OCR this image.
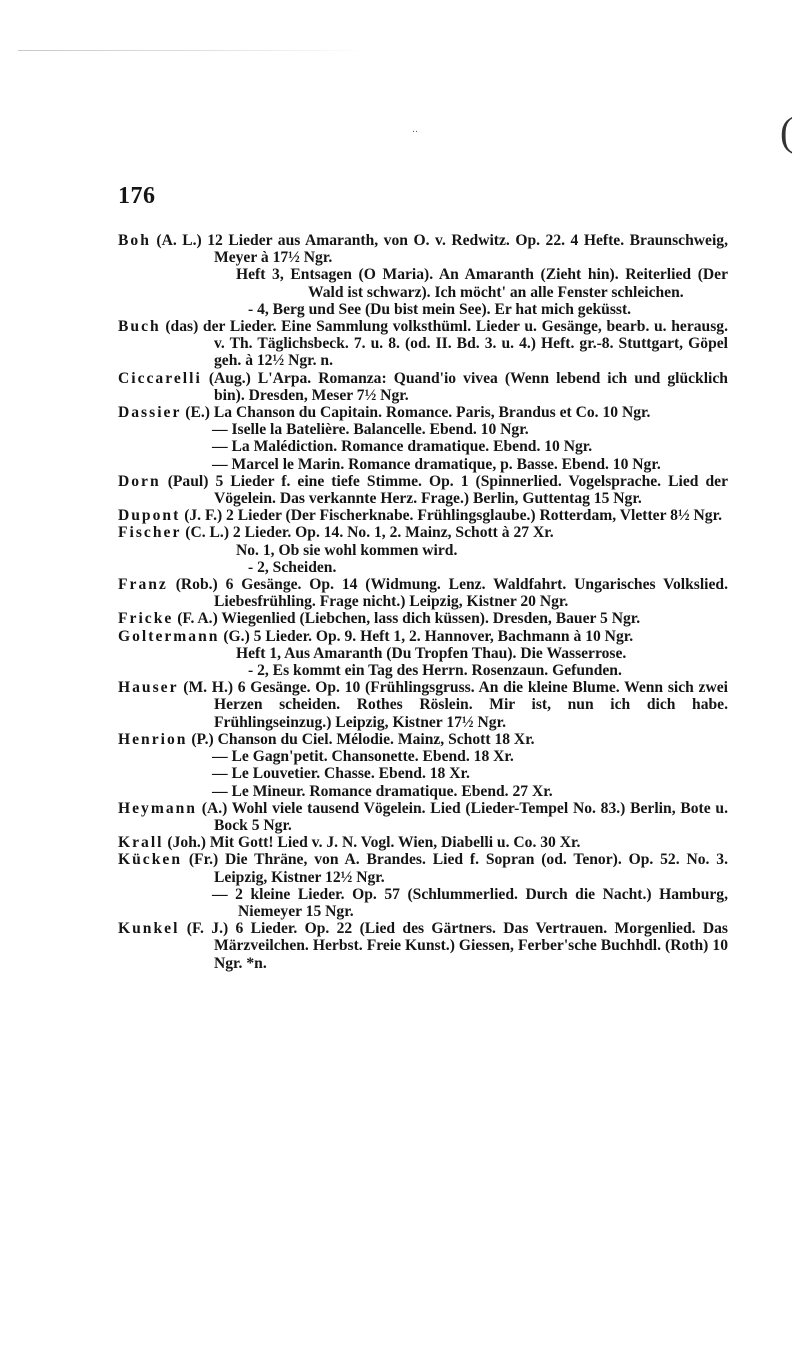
‥	(
176
Boh (A. L.) 12 Lieder aus Amaranth, von O. v. Redwitz. Op. 22. 4 Hefte. Braunschweig, Meyer à 17½ Ngr.
Heft 3, Entsagen (O Maria). An Amaranth (Zieht hin). Reiterlied (Der Wald ist schwarz). Ich möcht' an alle Fenster schleichen.
- 4, Berg und See (Du bist mein See). Er hat mich geküsst.
Buch (das) der Lieder. Eine Sammlung volksthüml. Lieder u. Gesänge, bearb. u. herausg. v. Th. Täglichsbeck. 7. u. 8. (od. II. Bd. 3. u. 4.) Heft. gr.-8. Stuttgart, Göpel geh. à 12½ Ngr. n.
Ciccarelli (Aug.) L'Arpa. Romanza: Quand'io vivea (Wenn lebend ich und glücklich bin). Dresden, Meser 7½ Ngr.
Dassier (E.) La Chanson du Capitain. Romance. Paris, Brandus et Co. 10 Ngr.
— Iselle la Batelière. Balancelle. Ebend. 10 Ngr.
— La Malédiction. Romance dramatique. Ebend. 10 Ngr.
— Marcel le Marin. Romance dramatique, p. Basse. Ebend. 10 Ngr.
Dorn (Paul) 5 Lieder f. eine tiefe Stimme. Op. 1 (Spinnerlied. Vogelsprache. Lied der Vögelein. Das verkannte Herz. Frage.) Berlin, Guttentag 15 Ngr.
Dupont (J. F.) 2 Lieder (Der Fischerknabe. Frühlingsglaube.) Rotterdam, Vletter 8½ Ngr.
Fischer (C. L.) 2 Lieder. Op. 14. No. 1, 2. Mainz, Schott à 27 Xr.
No. 1, Ob sie wohl kommen wird.
- 2, Scheiden.
Franz (Rob.) 6 Gesänge. Op. 14 (Widmung. Lenz. Waldfahrt. Ungarisches Volkslied. Liebesfrühling. Frage nicht.) Leipzig, Kistner 20 Ngr.
Fricke (F. A.) Wiegenlied (Liebchen, lass dich küssen). Dresden, Bauer 5 Ngr.
Goltermann (G.) 5 Lieder. Op. 9. Heft 1, 2. Hannover, Bachmann à 10 Ngr.
Heft 1, Aus Amaranth (Du Tropfen Thau). Die Wasserrose.
- 2, Es kommt ein Tag des Herrn. Rosenzaun. Gefunden.
Hauser (M. H.) 6 Gesänge. Op. 10 (Frühlingsgruss. An die kleine Blume. Wenn sich zwei Herzen scheiden. Rothes Röslein. Mir ist, nun ich dich habe. Frühlingseinzug.) Leipzig, Kistner 17½ Ngr.
Henrion (P.) Chanson du Ciel. Mélodie. Mainz, Schott 18 Xr.
— Le Gagn'petit. Chansonette. Ebend. 18 Xr.
— Le Louvetier. Chasse. Ebend. 18 Xr.
— Le Mineur. Romance dramatique. Ebend. 27 Xr.
Heymann (A.) Wohl viele tausend Vögelein. Lied (Lieder-Tempel No. 83.) Berlin, Bote u. Bock 5 Ngr.
Krall (Joh.) Mit Gott! Lied v. J. N. Vogl. Wien, Diabelli u. Co. 30 Xr.
Kücken (Fr.) Die Thräne, von A. Brandes. Lied f. Sopran (od. Tenor). Op. 52. No. 3. Leipzig, Kistner 12½ Ngr.
— 2 kleine Lieder. Op. 57 (Schlummerlied. Durch die Nacht.) Hamburg, Niemeyer 15 Ngr.
Kunkel (F. J.) 6 Lieder. Op. 22 (Lied des Gärtners. Das Vertrauen. Morgenlied. Das Märzveilchen. Herbst. Freie Kunst.) Giessen, Ferber'sche Buchhdl. (Roth) 10 Ngr. *n.
